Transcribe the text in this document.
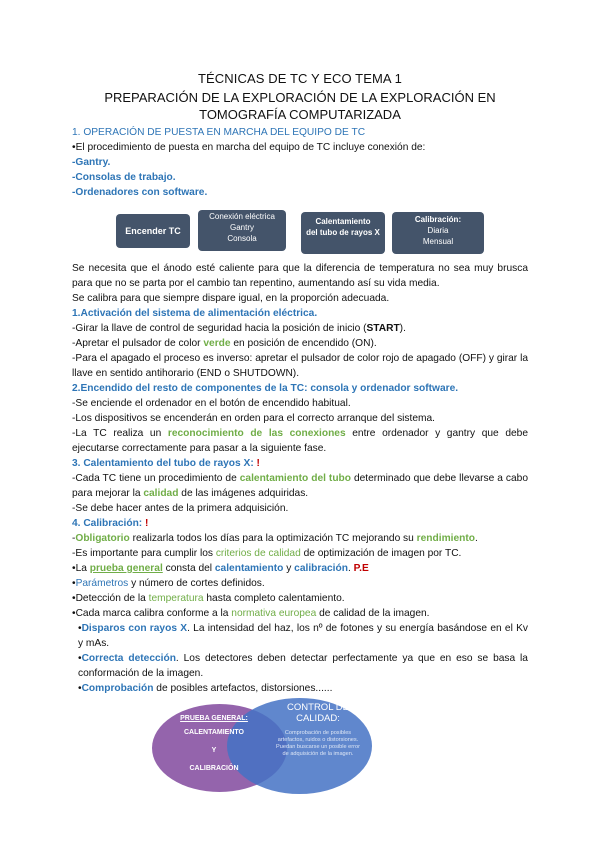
TÉCNICAS DE TC Y ECO TEMA 1
PREPARACIÓN DE LA EXPLORACIÓN DE LA EXPLORACIÓN EN
TOMOGRAFÍA COMPUTARIZADA
1. OPERACIÓN DE PUESTA EN MARCHA DEL EQUIPO DE TC
•El procedimiento de puesta en marcha del equipo de TC incluye conexión de:
-Gantry.
-Consolas de trabajo.
-Ordenadores con software.
Encender TC
Conexión eléctrica
Gantry
Consola
Calentamiento
del tubo de rayos X
Calibración:
Diaria
Mensual
Se necesita que el ánodo esté caliente para que la diferencia de temperatura no sea muy brusca para que no se parta por el cambio tan repentino, aumentando así su vida media.
Se calibra para que siempre dispare igual, en la proporción adecuada.
1.Activación del sistema de alimentación eléctrica.
-Girar la llave de control de seguridad hacia la posición de inicio (START).
-Apretar el pulsador de color verde en posición de encendido (ON).
-Para el apagado el proceso es inverso: apretar el pulsador de color rojo de apagado (OFF) y girar la llave en sentido antihorario (END o SHUTDOWN).
2.Encendido del resto de componentes de la TC: consola y ordenador software.
-Se enciende el ordenador en el botón de encendido habitual.
-Los dispositivos se encenderán en orden para el correcto arranque del sistema.
-La TC realiza un reconocimiento de las conexiones entre ordenador y gantry que debe ejecutarse correctamente para pasar a la siguiente fase.
3. Calentamiento del tubo de rayos X: !
-Cada TC tiene un procedimiento de calentamiento del tubo determinado que debe llevarse a cabo para mejorar la calidad de las imágenes adquiridas.
-Se debe hacer antes de la primera adquisición.
4. Calibración: !
-Obligatorio realizarla todos los días para la optimización TC mejorando su rendimiento.
-Es importante para cumplir los criterios de calidad de optimización de imagen por TC.
•La prueba general consta del calentamiento y calibración. P.E
•Parámetros y número de cortes definidos.
•Detección de la temperatura hasta completo calentamiento.
•Cada marca calibra conforme a la normativa europea de calidad de la imagen.
•Disparos con rayos X. La intensidad del haz, los nº de fotones y su energía basándose en el Kv y mAs.
•Correcta detección. Los detectores deben detectar perfectamente ya que en eso se basa la conformación de la imagen.
•Comprobación de posibles artefactos, distorsiones......
PRUEBA GENERAL:
CALENTAMIENTO
Y
CALIBRACIÓN
CONTROL DE
CALIDAD:
Comprobación de posibles artefactos, ruidos o distorsiones. Puedan buscarse un posible error de adquisición de la imagen.
